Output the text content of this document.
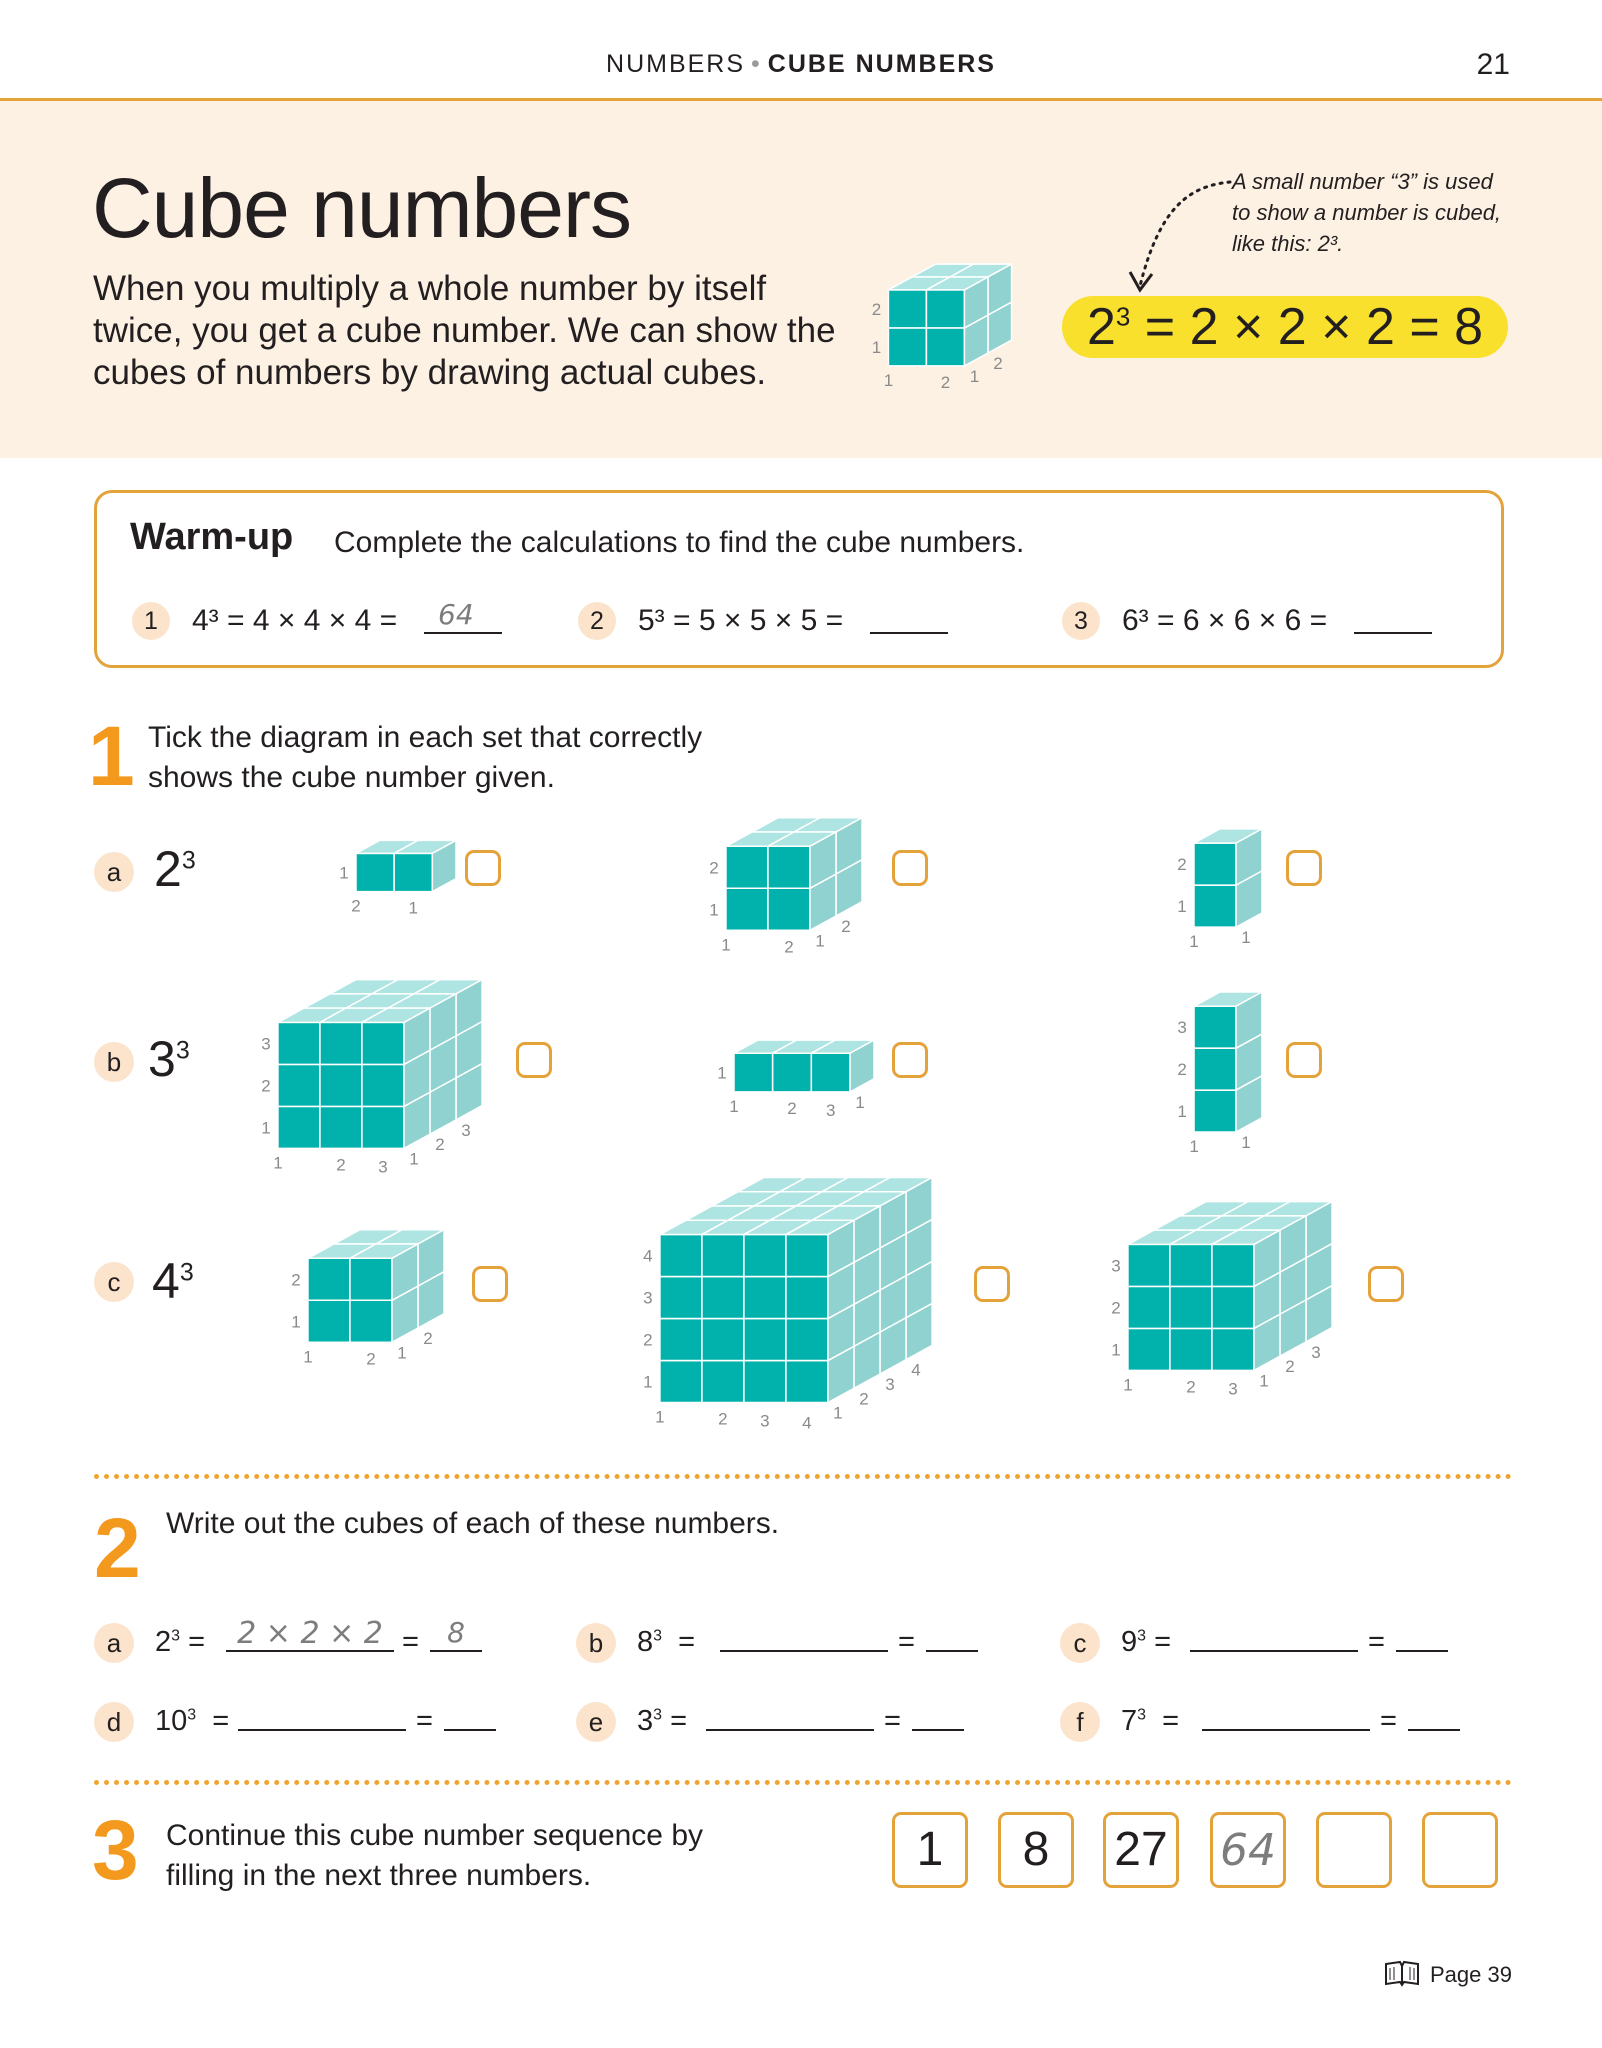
NUMBERS • CUBE NUMBERS	21
Cube numbers
When you multiply a whole number by itself twice, you get a cube number. We can show the cubes of numbers by drawing actual cubes.
2
1
1	2 1
2
A small number “3” is used to show a number is cubed, like this: 2³.
$2^3 = 2 \times 2 \times 2 = 8$
Warm-up Complete the calculations to find the cube numbers.
1	4³ = 4 × 4 × 4 =	64	2	5³ = 5 × 5 × 5 =	3	6³ = 6 × 6 × 6 =
1 Tick the diagram in each set that correctly shows the cube number given.
a $2^3$
b $3^3$
c $4^3$
1
2	1
2
1
1	2 1
2
2
1
1	1
3
2
1
1	2 3 1
2
3
1
1	2 3 1
3
2
1
1 1
2
1
1	2 1
2
4
3
2
1
1	2 3 4
1
2
3
4
3
2
1
1	2 3 1
2
3
2 Write out the cubes of each of these numbers.
a	$2^3$ =	2 × 2 × 2 =	8	b	$8^3$  =	=	c	$9^3$ =	=
d	$10^3$  =	=	e	$3^3$ =	=	f	$7^3$  =	=
3 Continue this cube number sequence by filling in the next three numbers.	1	8	27 64
Page 39
